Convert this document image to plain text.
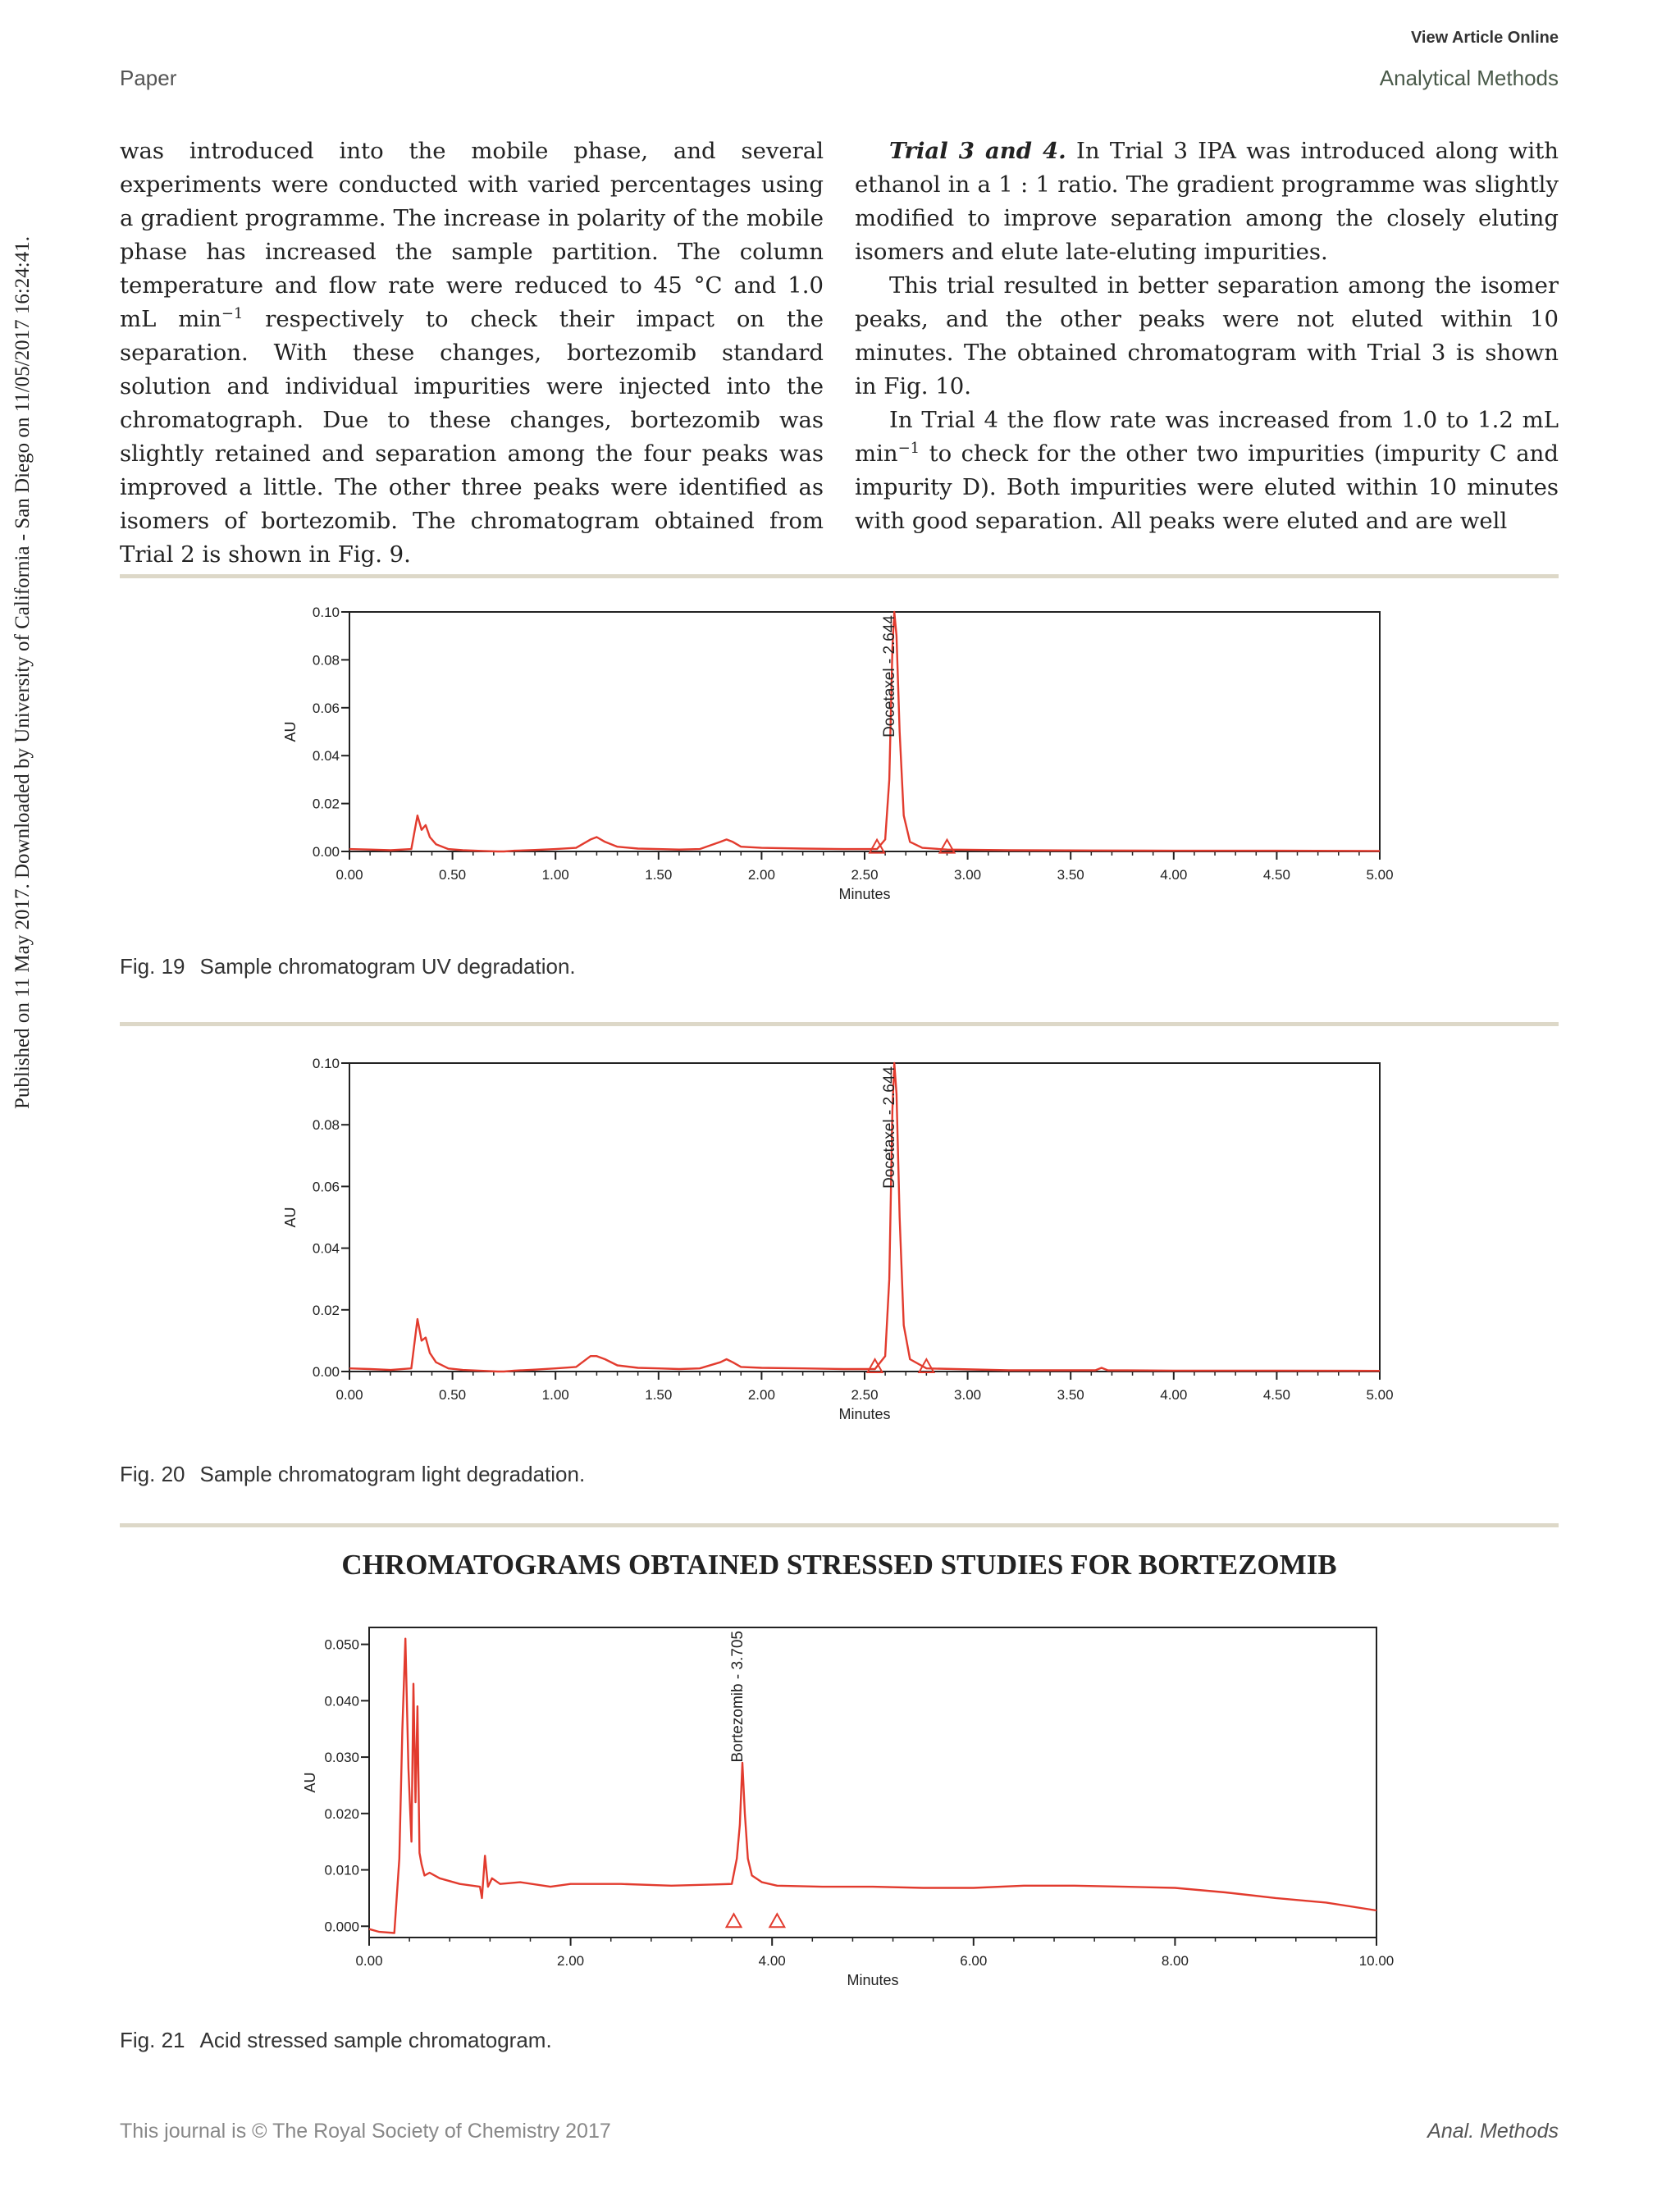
View Article Online
Paper	Analytical Methods
Published on 11 May 2017. Downloaded by University of California - San Diego on 11/05/2017 16:24:41.

was introduced into the mobile phase, and several experiments were conducted with varied percentages using a gradient programme. The increase in polarity of the mobile phase has increased the sample partition. The column temperature and flow rate were reduced to 45 °C and 1.0 mL $\min^{-1}$ respectively to check their impact on the separation. With these changes, bortezomib standard solution and individual impurities were injected into the chromatograph. Due to these changes, bortezomib was slightly retained and separation among the four peaks was improved a little. The other three peaks were identified as isomers of bortezomib. The chromatogram obtained from Trial 2 is shown in Fig. 9.

Trial 3 and 4. In Trial 3 IPA was introduced along with ethanol in a 1 : 1 ratio. The gradient programme was slightly modified to improve separation among the closely eluting isomers and elute late-eluting impurities.

This trial resulted in better separation among the isomer peaks, and the other peaks were not eluted within 10 minutes. The obtained chromatogram with Trial 3 is shown in Fig. 10.

In Trial 4 the flow rate was increased from 1.0 to 1.2 mL $\min^{-1}$ to check for the other two impurities (impurity C and impurity D). Both impurities were eluted within 10 minutes with good separation. All peaks were eluted and are well

0.00	0.50	1.00	1.50	2.00	2.50	3.00	3.50	4.00	4.50	5.00
0.00
0.02
0.04
0.06
0.08
0.10
Minutes
AU	Docetaxel - 2.644
Fig. 19 Sample chromatogram UV degradation.
0.00	0.50	1.00	1.50	2.00	2.50	3.00	3.50	4.00	4.50	5.00
0.00
0.02
0.04
0.06
0.08
0.10
Minutes
AU
Docetaxel - 2.644
Fig. 20 Sample chromatogram light degradation.
CHROMATOGRAMS OBTAINED STRESSED STUDIES FOR BORTEZOMIB
0.00	2.00	4.00	6.00	8.00	10.00
0.000
0.010
0.020
0.030
0.040
0.050
Minutes
AU
Bortezomib - 3.705
Fig. 21 Acid stressed sample chromatogram.
This journal is © The Royal Society of Chemistry 2017	Anal. Methods
